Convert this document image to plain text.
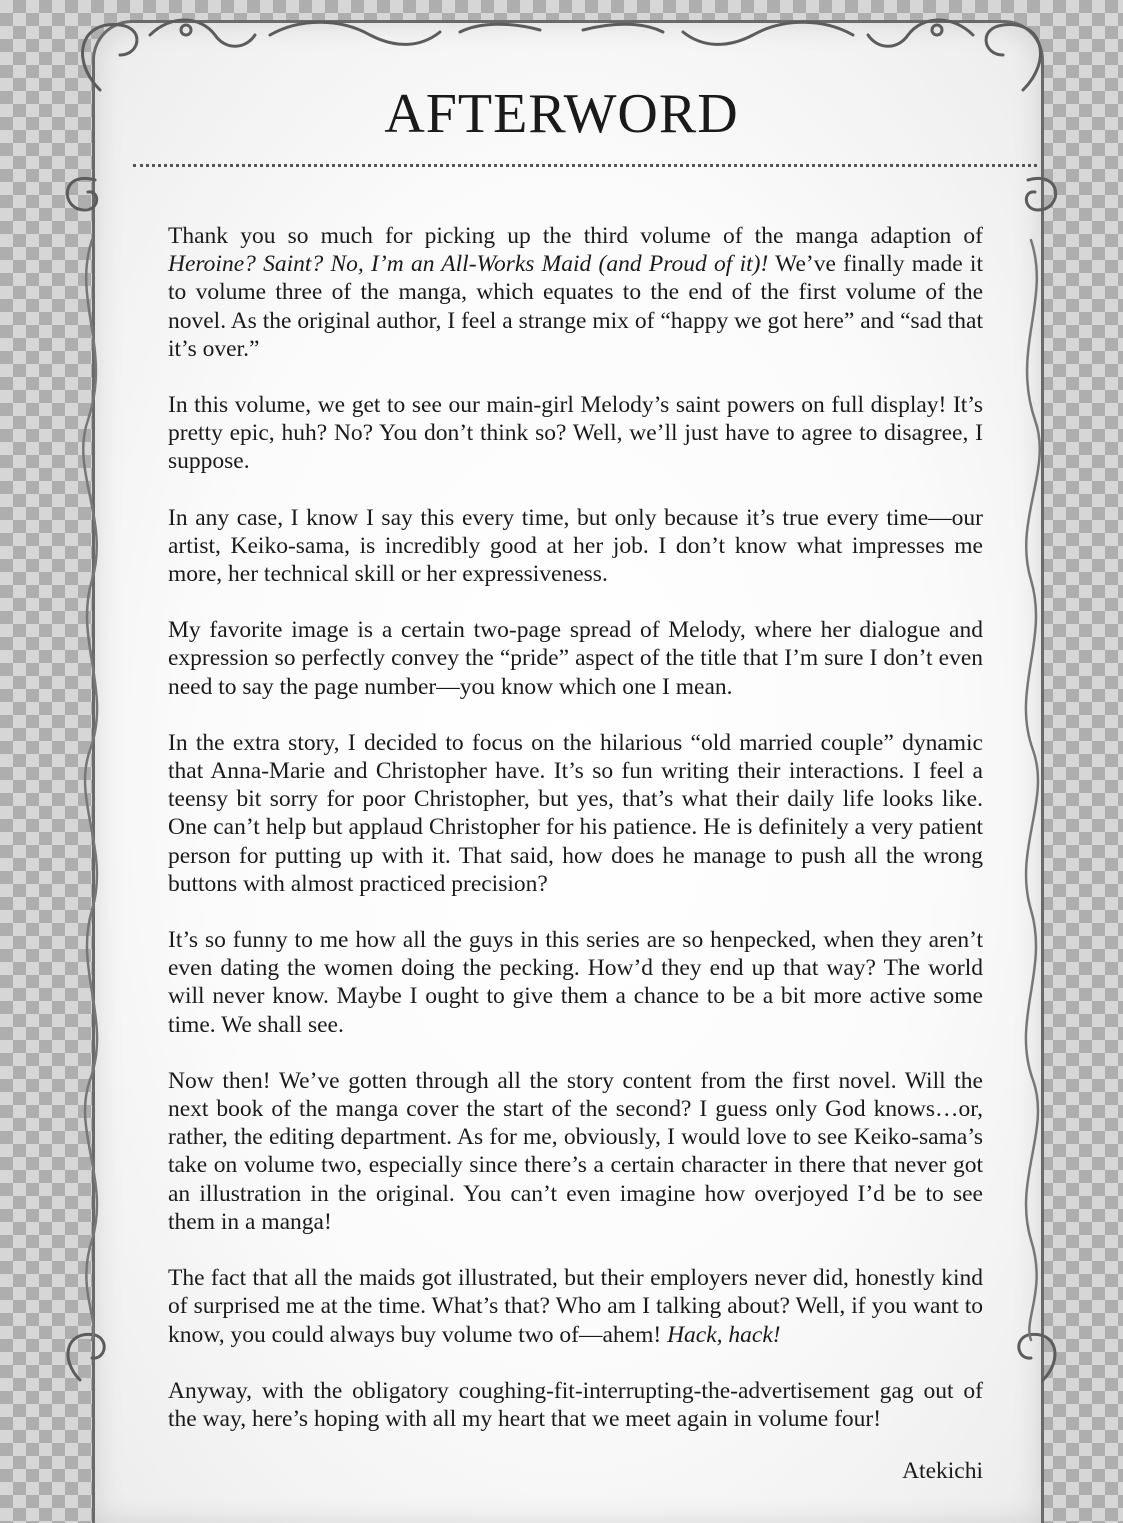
AFTERWORD

Thank you so much for picking up the third volume of the manga adaption of Heroine? Saint? No, I’m an All-Works Maid (and Proud of it)! We’ve finally made it to volume three of the manga, which equates to the end of the first volume of the novel. As the original author, I feel a strange mix of “happy we got here” and “sad that it’s over.”

In this volume, we get to see our main-girl Melody’s saint powers on full display! It’s pretty epic, huh? No? You don’t think so? Well, we’ll just have to agree to disagree, I suppose.

In any case, I know I say this every time, but only because it’s true every time—our artist, Keiko-sama, is incredibly good at her job. I don’t know what impresses me more, her technical skill or her expressiveness.

My favorite image is a certain two-page spread of Melody, where her dialogue and expression so perfectly convey the “pride” aspect of the title that I’m sure I don’t even need to say the page number—you know which one I mean.

In the extra story, I decided to focus on the hilarious “old married couple” dynamic that Anna-Marie and Christopher have. It’s so fun writing their interactions. I feel a teensy bit sorry for poor Christopher, but yes, that’s what their daily life looks like. One can’t help but applaud Christopher for his patience. He is definitely a very patient person for putting up with it. That said, how does he manage to push all the wrong buttons with almost practiced precision?

It’s so funny to me how all the guys in this series are so henpecked, when they aren’t even dating the women doing the pecking. How’d they end up that way? The world will never know. Maybe I ought to give them a chance to be a bit more active some time. We shall see.

Now then! We’ve gotten through all the story content from the first novel. Will the next book of the manga cover the start of the second? I guess only God knows…or, rather, the editing department. As for me, obviously, I would love to see Keiko-sama’s take on volume two, especially since there’s a certain character in there that never got an illustration in the original. You can’t even imagine how overjoyed I’d be to see them in a manga!

The fact that all the maids got illustrated, but their employers never did, honestly kind of surprised me at the time. What’s that? Who am I talking about? Well, if you want to know, you could always buy volume two of—ahem! Hack, hack!

Anyway, with the obligatory coughing-fit-interrupting-the-advertisement gag out of the way, here’s hoping with all my heart that we meet again in volume four!

Atekichi
